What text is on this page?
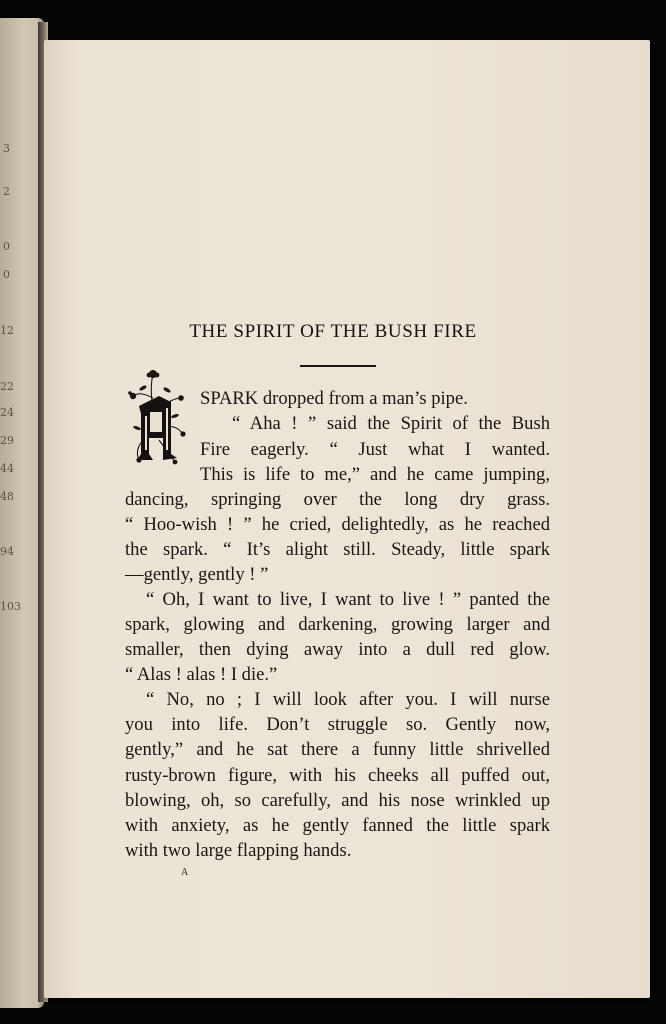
3
2
0
0
12
22
24
29
44
48
94
103
THE SPIRIT OF THE BUSH FIRE
SPARK dropped from a man’s pipe.
“ Aha ! ” said the Spirit of the Bush
Fire eagerly. “ Just what I wanted.
This is life to me,” and he came jumping,
dancing, springing over the long dry grass.
“ Hoo-wish ! ” he cried, delightedly, as he reached
the spark. “ It’s alight still. Steady, little spark
—gently, gently ! ”
“ Oh, I want to live, I want to live ! ” panted the
spark, glowing and darkening, growing larger and
smaller, then dying away into a dull red glow.
“ Alas ! alas ! I die.”
“ No, no ; I will look after you. I will nurse
you into life. Don’t struggle so. Gently now,
gently,” and he sat there a funny little shrivelled
rusty-brown figure, with his cheeks all puffed out,
blowing, oh, so carefully, and his nose wrinkled up
with anxiety, as he gently fanned the little spark
with two large flapping hands.
A
